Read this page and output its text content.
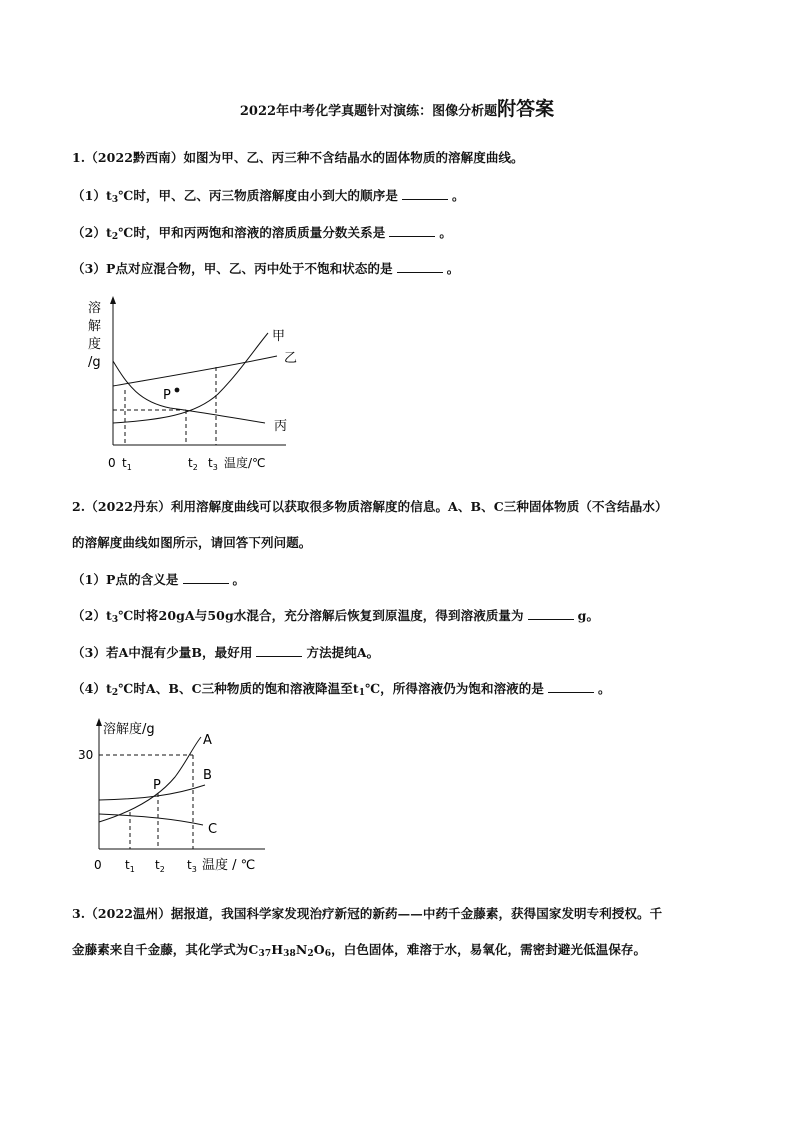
2022年中考化学真题针对演练：图像分析题附答案
1.（2022黔西南）如图为甲、乙、丙三种不含结晶水的固体物质的溶解度曲线。
$(1)t_3℃$时，甲、乙、丙三物质溶解度由小到大的顺序是	。
$(2)t_2℃$时，甲和丙两饱和溶液的溶质质量分数关系是	。
（3）P点对应混合物，甲、乙、丙中处于不饱和状态的是	。
溶
解
度
/g
P
甲
乙
丙
0 $t_1$	$t_2$ $t_3$ 温度/℃
2.（2022丹东）利用溶解度曲线可以获取很多物质溶解度的信息。A、B、C三种固体物质（不含结晶水）
的溶解度曲线如图所示，请回答下列问题。
（1）P点的含义是	。
$(2)t_3℃$时将20gA与50g水混合，充分溶解后恢复到原温度，得到溶液质量为	g。
（3）若A中混有少量B，最好用	方法提纯A。
$(4)t_2℃$时A、B、C三种物质的饱和溶液降温至$t_1℃$，所得溶液仍为饱和溶液的是	。
溶解度/g
30
P
A
B
C
0 $t_1$ $t_2$ $t_3$ 温度 / ℃
3.（2022温州）据报道，我国科学家发现治疗新冠的新药——中药千金藤素，获得国家发明专利授权。千
金藤素来自千金藤，其化学式为$C_{37}H_{38}N_2O_6$，白色固体，难溶于水，易氧化，需密封避光低温保存。
